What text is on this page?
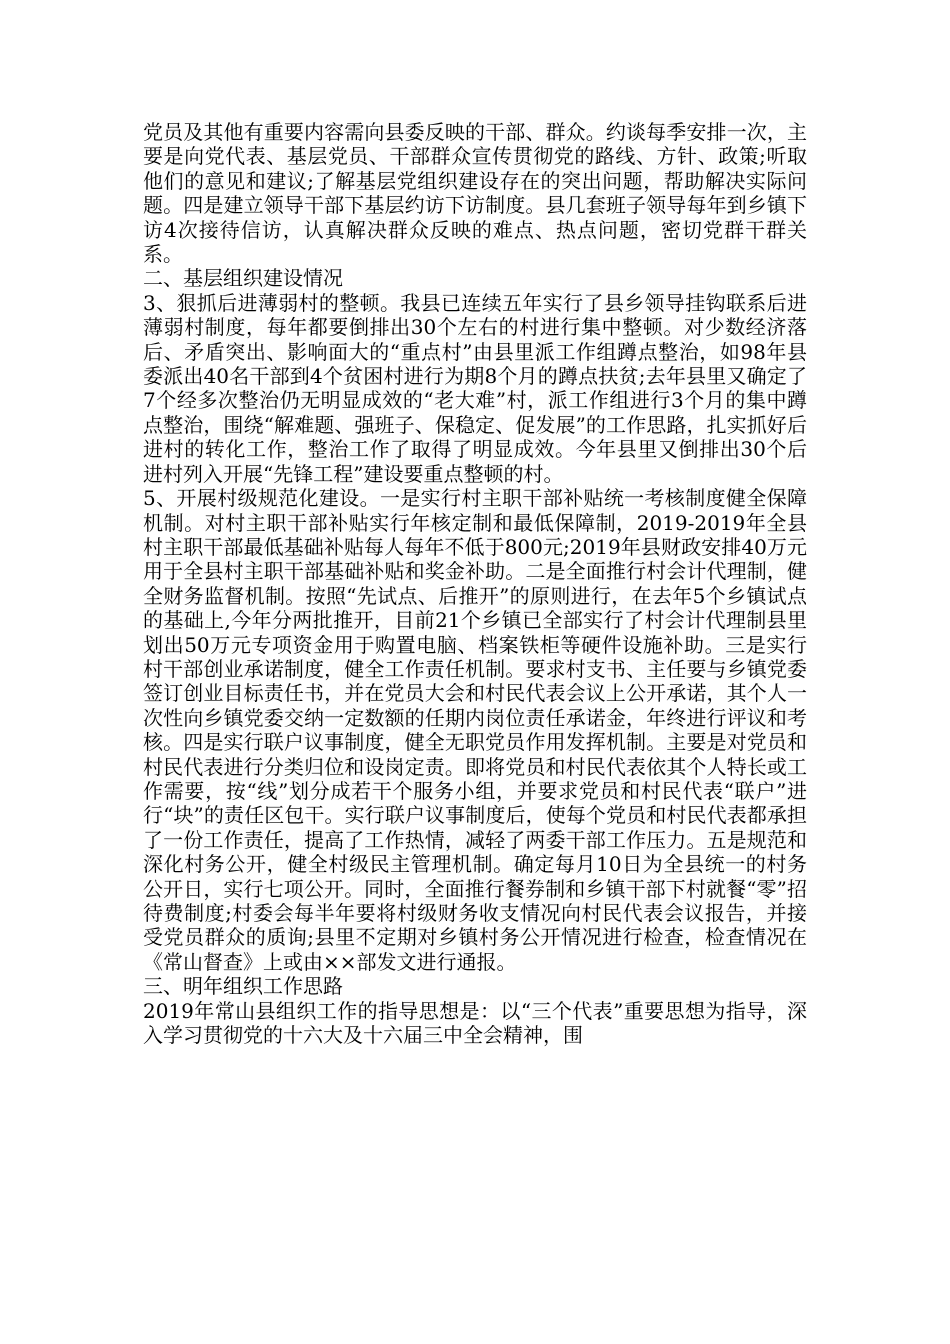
党员及其他有重要内容需向县委反映的干部、群众。约谈每季安排一次，主要是向党代表、基层党员、干部群众宣传贯彻党的路线、方针、政策;听取他们的意见和建议;了解基层党组织建设存在的突出问题，帮助解决实际问题。四是建立领导干部下基层约访下访制度。县几套班子领导每年到乡镇下访4次接待信访，认真解决群众反映的难点、热点问题，密切党群干群关系。

二、基层组织建设情况

3、狠抓后进薄弱村的整顿。我县已连续五年实行了县乡领导挂钩联系后进薄弱村制度，每年都要倒排出30个左右的村进行集中整顿。对少数经济落后、矛盾突出、影响面大的“重点村”由县里派工作组蹲点整治，如98年县委派出40名干部到4个贫困村进行为期8个月的蹲点扶贫;去年县里又确定了7个经多次整治仍无明显成效的“老大难”村，派工作组进行3个月的集中蹲点整治，围绕“解难题、强班子、保稳定、促发展”的工作思路，扎实抓好后进村的转化工作，整治工作了取得了明显成效。今年县里又倒排出30个后进村列入开展“先锋工程”建设要重点整顿的村。

5、开展村级规范化建设。一是实行村主职干部补贴统一考核制度健全保障机制。对村主职干部补贴实行年核定制和最低保障制，2019-2019年全县村主职干部最低基础补贴每人每年不低于800元;2019年县财政安排40万元用于全县村主职干部基础补贴和奖金补助。二是全面推行村会计代理制，健全财务监督机制。按照“先试点、后推开”的原则进行，在去年5个乡镇试点的基础上,今年分两批推开，目前21个乡镇已全部实行了村会计代理制县里划出50万元专项资金用于购置电脑、档案铁柜等硬件设施补助。三是实行村干部创业承诺制度，健全工作责任机制。要求村支书、主任要与乡镇党委签订创业目标责任书，并在党员大会和村民代表会议上公开承诺，其个人一次性向乡镇党委交纳一定数额的任期内岗位责任承诺金，年终进行评议和考核。四是实行联户议事制度，健全无职党员作用发挥机制。主要是对党员和村民代表进行分类归位和设岗定责。即将党员和村民代表依其个人特长或工作需要，按“线”划分成若干个服务小组，并要求党员和村民代表“联户”进行“块”的责任区包干。实行联户议事制度后，使每个党员和村民代表都承担了一份工作责任，提高了工作热情，减轻了两委干部工作压力。五是规范和深化村务公开，健全村级民主管理机制。确定每月10日为全县统一的村务公开日，实行七项公开。同时，全面推行餐券制和乡镇干部下村就餐“零”招待费制度;村委会每半年要将村级财务收支情况向村民代表会议报告，并接受党员群众的质询;县里不定期对乡镇村务公开情况进行检查，检查情况在《常山督查》上或由××部发文进行通报。

三、明年组织工作思路

2019年常山县组织工作的指导思想是：以“三个代表”重要思想为指导，深入学习贯彻党的十六大及十六届三中全会精神，围
